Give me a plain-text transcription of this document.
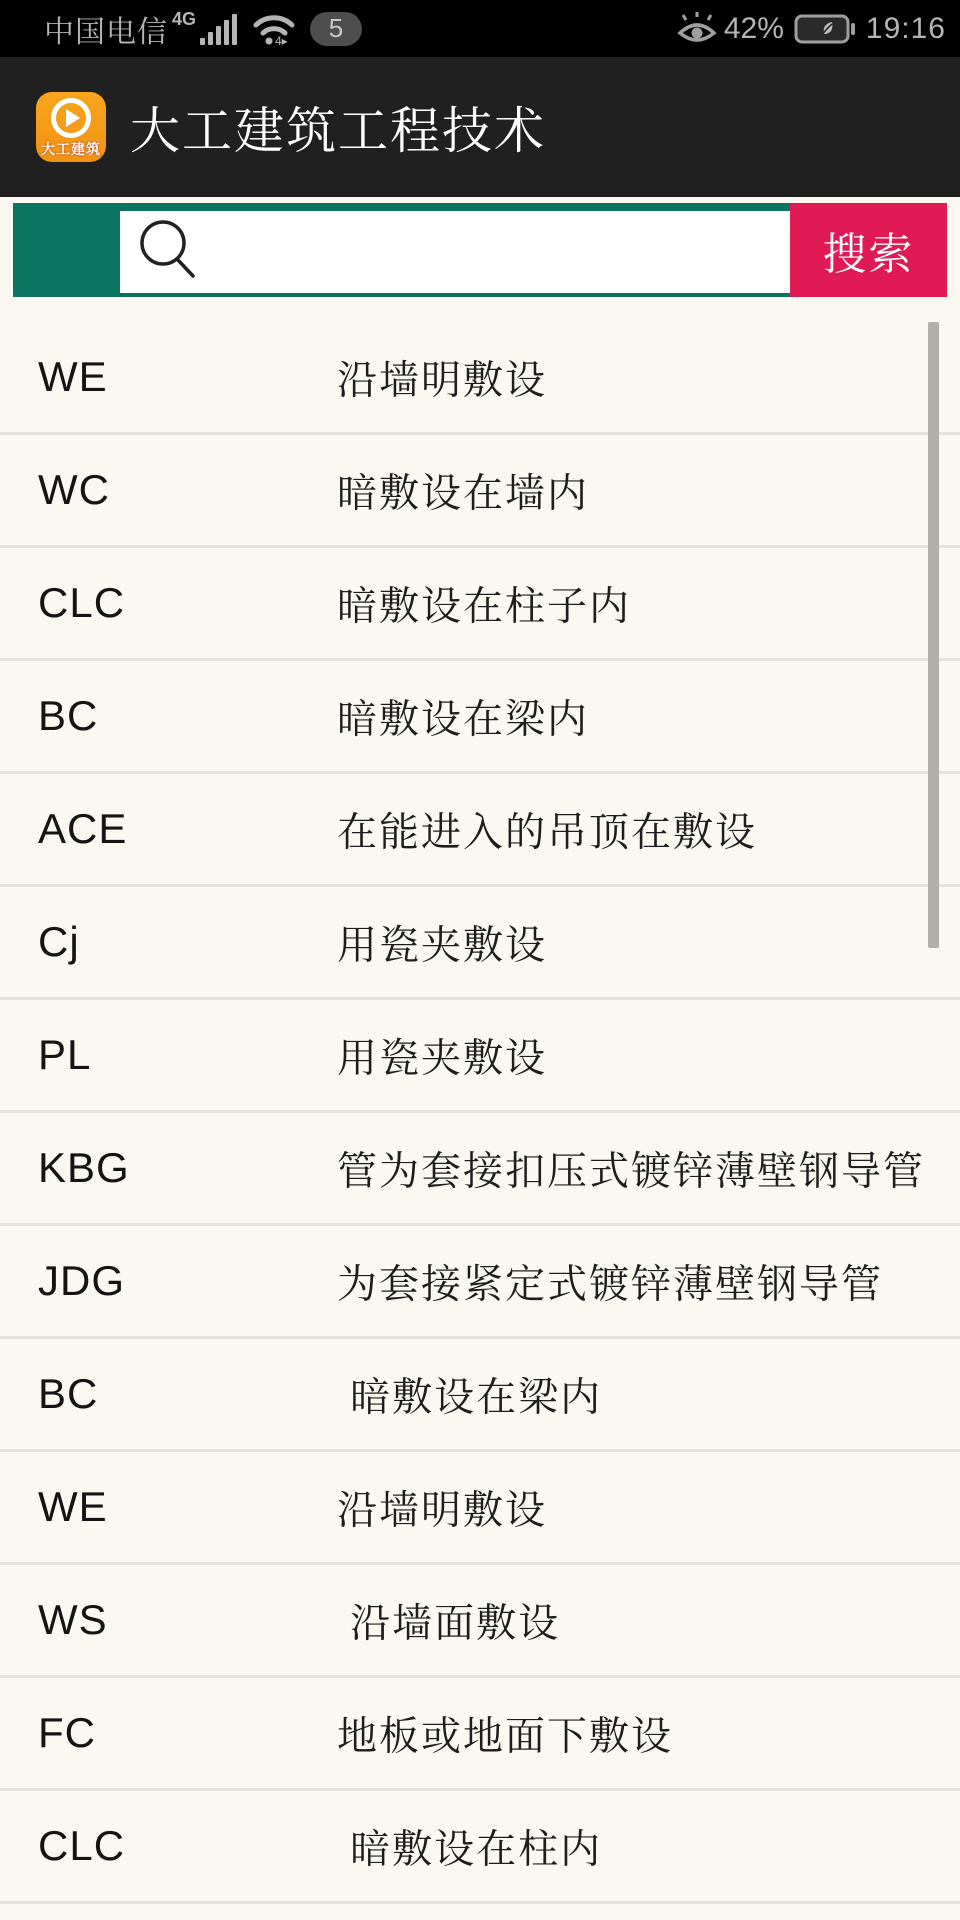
中国电信 4G
4▸	5	42%	19:16
大工建筑 大工建筑工程技术
搜索
WE	沿墙明敷设
WC	暗敷设在墙内
CLC	暗敷设在柱子内
BC	暗敷设在梁内
ACE	在能进入的吊顶在敷设
Cj	用瓷夹敷设
PL	用瓷夹敷设
KBG	管为套接扣压式镀锌薄壁钢导管
JDG	为套接紧定式镀锌薄壁钢导管
BC	暗敷设在梁内
WE	沿墙明敷设
WS	沿墙面敷设
FC	地板或地面下敷设
CLC	暗敷设在柱内
